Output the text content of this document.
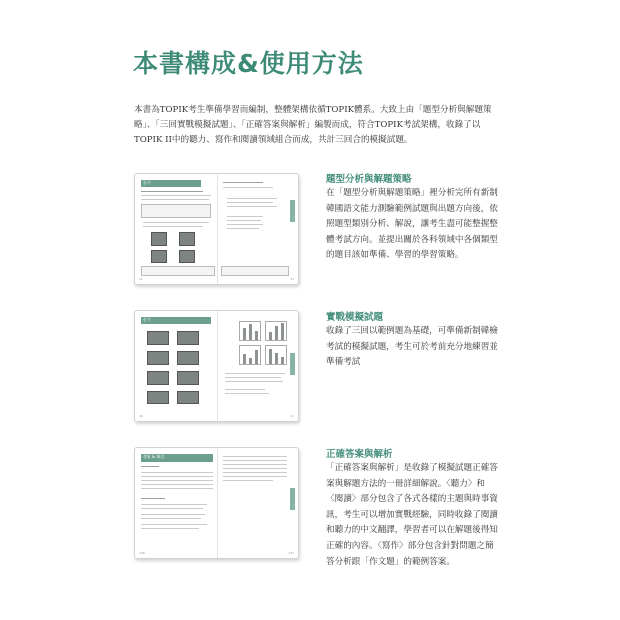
本書構成&使用方法

本書為TOPIK考生準備學習而編制，整體架構依循TOPIK體系。大致上由「題型分析與解題策略」、「三回實戰模擬試題」、「正確答案與解析」編製而成，符合TOPIK考試架構，收錄了以TOPIK II中的聽力、寫作和閱讀領域組合而成，共計三回合的模擬試題。

듣기
11	11
題型分析與解題策略

在「題型分析與解題策略」裡分析完所有新制韓國語文能力測驗範例試題與出題方向後，依照題型類別分析、解說，讓考生盡可能整握整體考試方向。並提出關於各科領域中各個類型的題目該如準備、學習的學習策略。

듣기
40	41
實戰模擬試題

收錄了三回以範例題為基礎，可準備新制韓檢考試的模擬試題，考生可於考前充分地練習並準備考試

정답 & 해설
136	137
正確答案與解析

「正確答案與解析」是收錄了模擬試題正確答案與解題方法的一冊詳細解說。〈聽力〉和〈閱讀〉部分包含了各式各樣的主題與時事資訊，考生可以增加實戰經驗，同時收錄了閱讀和聽力的中文翻譯，學習者可以在解題後得知正確的內容。〈寫作〉部分包含針對問題之簡答分析跟「作文題」的範例答案。
